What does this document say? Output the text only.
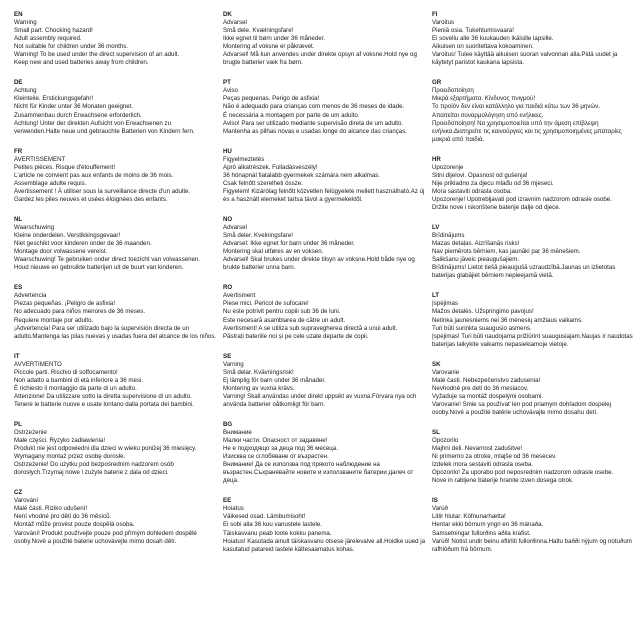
EN
Warning
Small part. Chocking hazard!
Adult assembly required.
Not suitable for children under 36 months.
Warning! To be used under the direct supervision of an adult.
Keep new and used batteries away from children.
DE
Achtung
Kleinteile. Erstickungsgefahr!
Nicht für Kinder unter 36 Monaten geeignet.
Zusammenbau durch Erwachsene erforderlich.
Achtung! Unter der direkten Aufsicht von Erwachsenen zu verwenden.Halte neue und gebrauchte Batterien von Kindern fern.
FR
AVERTISSEMENT
Petites pièces. Risque d'étouffement!
L'article ne convient pas aux enfants de moins de 36 mois.
Assemblage adulte requis.
Avertissement ! À utiliser sous la surveillance directe d'un adulte.
Gardez les piles neuves et usées éloignées des enfants.
NL
Waarschuwing
Kleine onderdelen. Verstikkingsgevaar!
Niet geschikt voor kinderen onder de 36 maanden.
Montage door volwassene vereist.
Waarschuwing! Te gebruiken onder direct toezicht van volwassenen.
Houd nieuwe en gebruikte batterijen uit de buurt van kinderen.
ES
Advertencia
Piezas pequeñas. ¡Peligro de asfixia!
No adecuado para niños menores de 36 meses.
Requiere montaje por adulto.
¡Advertencia! Para ser utilizado bajo la supervisión directa de un adulto.Mantenga las pilas nuevas y usadas fuera del alcance de los niños.
IT
AVVERTIMENTO
Piccole parti. Rischio di soffocamento!
Non adatto a bambini di età inferiore a 36 mesi.
È richiesto il montaggio da parte di un adulto.
Attenzione! Da utilizzare sotto la diretta supervisione di un adulto.
Tenere le batterie nuove e usate lontano dalla portata dei bambini.
PL
Ostrzeżenie
Małe części. Ryzyko zadławienia!
Produkt nie jest odpowiedni dla dzieci w wieku poniżej 36 miesięcy.
Wymagany montaż przez osobę dorosłe.
Ostrzeżenie! Do użytku pod bezpośrednim nadzorem osób dorosłych.Trzymaj nowe i zużyte baterie z dala od dzieci.
CZ
Varování
Malé části. Riziko udušení!
Není vhodné pro děti do 36 měsíců.
Montáž může provést pouze dospělá osoba.
Varování! Produkt používejte pouze pod přímým dohledem dospělé osoby.Nové a použité baterie uchovávejte mimo dosah dětí.
DK
Advarsel
Små dele. Kvælningsfare!
Ikke egnet til børn under 36 måneder.
Montering af voksne er påkrævet.
Advarsel! Må kun anvendes under direkte opsyn af voksne.Hold nye og brugte batterier væk fra børn.
PT
Aviso
Peças pequenas. Perigo de asfixia!
Não é adequado para crianças com menos de 36 meses de idade.
É necessária a montagem por parte de um adulto.
Aviso! Para ser utilizado mediante supervisão direta de um adulto.
Mantenha as pilhas novas e usadas longe do alcance das crianças.
HU
Figyelmeztetés
Apró alkatrészek. Fulladásveszély!
36 hónapnál fiatalabb gyermekek számára nem alkalmas.
Csak felnőtt szerelheti össze.
Figyelem! Kizárólag felnőtt közvetlen felügyelete mellett használható.Az új és a használt elemeket tartsa távol a gyermekektől.
NO
Advarsel
Små deler. Kvelningsfare!
Advarsel: Ikke egnet for barn under 36 måneder.
Montering skal utføres av en voksen.
Advarsel! Skal brukes under direkte tilsyn av voksne.Hold både nye og brukte batterier unna barn.
RO
Avertisment
Piese mici. Pericol de sufocare!
Nu este potrivit pentru copiii sub 36 de luni.
Este necesară asamblarea de către un adult.
Avertisment! A se utiliza sub supravegherea directă a unui adult.
Păstrați bateriile noi și pe cele uzate departe de copii.
SE
Varning
Små delar. Kvävningsrisk!
Ej lämplig för barn under 36 månader.
Montering av vuxna krävs.
Varning! Skall användas under direkt uppsikt av vuxna.Förvara nya och använda batterier oåtkomligt för barn.
BG
Внимание
Малки части. Опасност от задавяне!
Не е подходящо за деца под 36 месеца.
Изисква се сглобяване от възрастен.
Внимание! Да се използва под прякото наблюдение на възрастен.Съхранявайте новите и използваните батерии далеч от деца.
EE
Hoiatus
Väikesed osad. Lämbumisoht!
Ei sobi alla 36 kuu vanustele lastele.
Täiskasvanu peab toote kokku panema.
Hoiatus! Kasutada ainult täiskasvanu otsese järelevalve all.Hoidke uued ja kasutatud patareid lastele kättesaamatus kohas.
FI
Varoitus
Pieniä osia. Tukehtumisvaara!
Ei sovellu alle 36 kuukauden ikäisille lapsille.
Aikuisen on suoritettava kokoaminen.
Varoitus! Tulee käyttää aikuisen suoran valvonnan alla.Pidä uudet ja käytetyt paristot kaukana lapsista.
GR
Προειδοποίηση
Μικρά εξαρτήματα. Κίνδυνος πνιγμού!
Το προϊόν δεν είναι κατάλληλο για παιδιά κάτω των 36 μηνών.
Απαιτείται συναρμολόγηση από ενήλικες.
Προειδοποίηση! Να χρησιμοποιείται υπό την άμεση επίβλεψη ενήλικα.Διατηρείτε τις καινούργιες και τις χρησιμοποιημένες μπαταρίες μακριά από παιδιά.
HR
Upozorenje
Sitni dijelovi. Opasnost od gušenja!
Nije prikladno za djecu mlađu od 36 mjeseci.
Mora sastaviti odrasla osoba.
Upozorenje! Upotrebljavati pod izravnim nadzorom odrasle osobe.
Držite nove i iskorištene baterije dalje od djece.
LV
Brīdinājums
Mazas detaļas. Aizrīšanās risks!
Nav piemērots bērniem, kas jaunāki par 36 mēnešiem.
Salikšanu jāveic pieaugušajiem.
Brīdinājums! Lietot tiešā pieaugušā uzraudzībā.Jaunas un izlietotas baterijas glabājiet bērniem nepieejamā vietā.
LT
Įspėjimas
Mažos detalės. Užspringimo pavojus!
Netinka jaunesniems nei 36 mėnesių amžiaus vaikams.
Turi būti surinkta suaugusio asmens.
Įspėjimas! Turi būti naudojama prižiūrint suaugusiajam.Naujas ir naudotas baterijas laikykite vaikams nepasiekiamoje vietoje.
SK
Varovanie
Malé časti. Nebezpečenstvo zadusenia!
Nevhodné pre deti do 36 mesiacov.
Vyžaduje sa montáž dospelými osobami.
Varovanie! Smie sa používať len pod priamym dohľadom dospelej osoby.Nové a použité batérie uchovávajte mimo dosahu detí.
SL
Opozorilo
Majhni deli. Nevarnost zadušitve!
Ni primerno za otroke, mlajše od 36 mesecev.
Izdelek mora sestaviti odrasla oseba.
Opozorilo! Za uporabo pod neposrednim nadzorom odrasle osebe.
Nove in rabljene baterije hranite izven dosega otrok.
IS
Varúð
Litlir hlutar. Köfnunarhætta!
Hentar ekki börnum yngri en 36 mánaða.
Samsetningar fullorðins aðila krafist.
Varúð! Notist undir beinu eftirliti fullorðinna.Haltu baðði nýjum og notuðum rafhlöðum frá börnum.
